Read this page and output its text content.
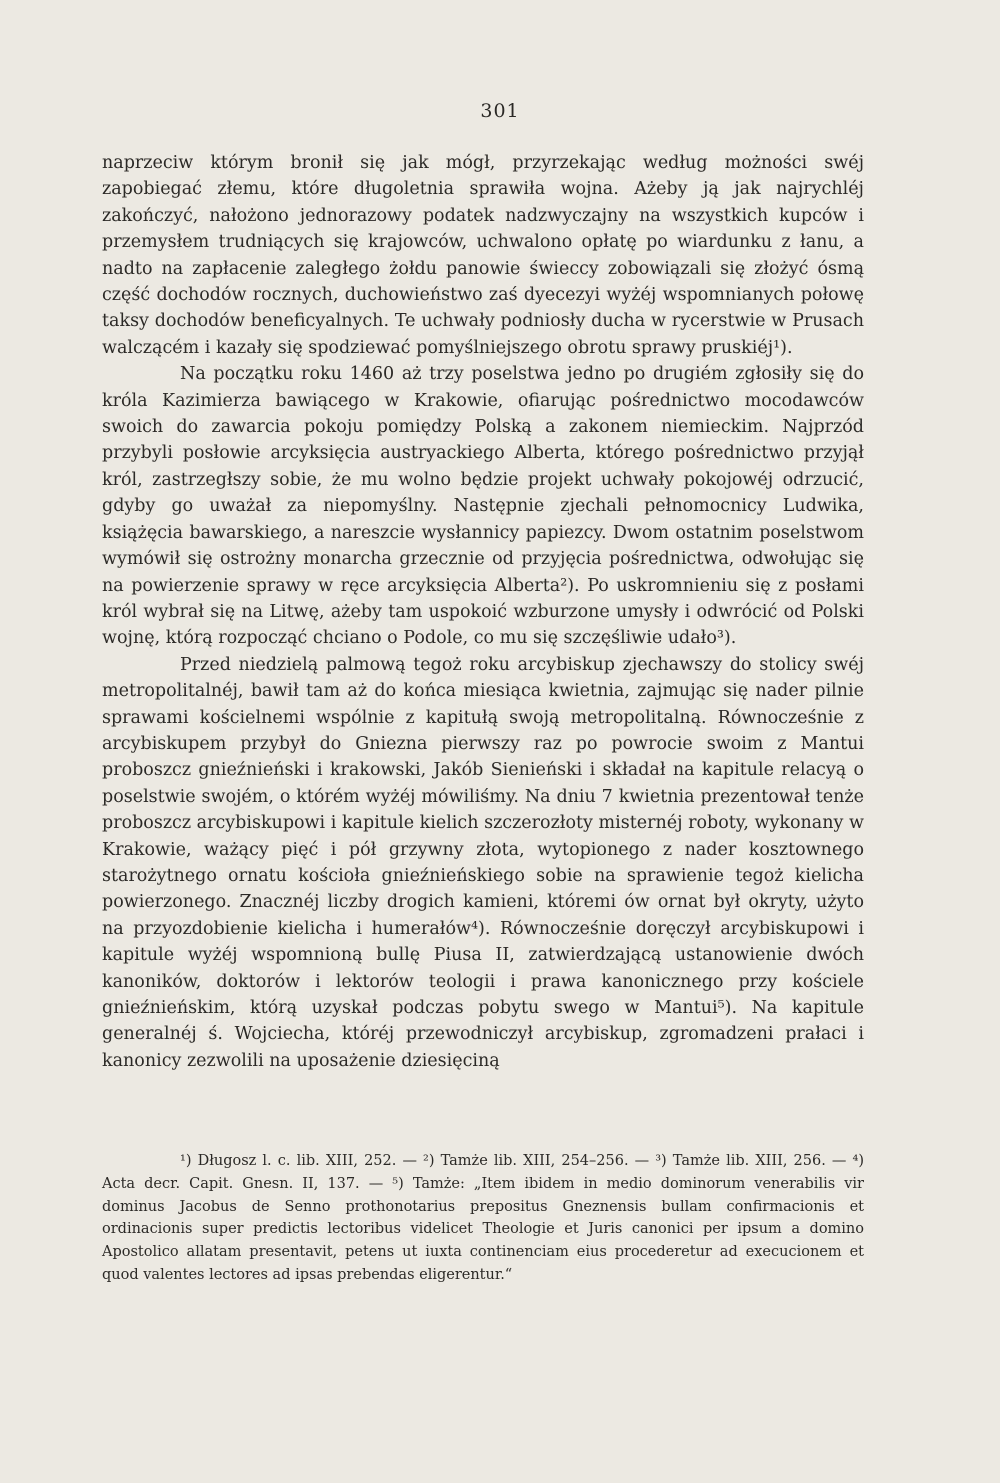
301

naprzeciw którym bronił się jak mógł, przyrzekając według możności swéj zapobiegać złemu, które długoletnia sprawiła wojna. Ażeby ją jak najrychléj zakończyć, nałożono jednorazowy podatek nadzwyczajny na wszystkich kupców i przemysłem trudniących się krajowców, uchwalono opłatę po wiardunku z łanu, a nadto na zapłacenie zaległego żołdu panowie świeccy zobowiązali się złożyć ósmą część dochodów rocznych, duchowieństwo zaś dyecezyi wyżéj wspomnianych połowę taksy dochodów beneficyalnych. Te uchwały podniosły ducha w rycerstwie w Prusach walczącém i kazały się spodziewać pomyślniejszego obrotu sprawy pruskiéj¹).

Na początku roku 1460 aż trzy poselstwa jedno po drugiém zgłosiły się do króla Kazimierza bawiącego w Krakowie, ofiarując pośrednictwo mocodawców swoich do zawarcia pokoju pomiędzy Polską a zakonem niemieckim. Najprzód przybyli posłowie arcyksięcia austryackiego Alberta, którego pośrednictwo przyjął król, zastrzegłszy sobie, że mu wolno będzie projekt uchwały pokojowéj odrzucić, gdyby go uważał za niepomyślny. Następnie zjechali pełnomocnicy Ludwika, książęcia bawarskiego, a nareszcie wysłannicy papiezcy. Dwom ostatnim poselstwom wymówił się ostrożny monarcha grzecznie od przyjęcia pośrednictwa, odwołując się na powierzenie sprawy w ręce arcyksięcia Alberta²). Po uskromnieniu się z posłami król wybrał się na Litwę, ażeby tam uspokoić wzburzone umysły i odwrócić od Polski wojnę, którą rozpocząć chciano o Podole, co mu się szczęśliwie udało³).

Przed niedzielą palmową tegoż roku arcybiskup zjechawszy do stolicy swéj metropolitalnéj, bawił tam aż do końca miesiąca kwietnia, zajmując się nader pilnie sprawami kościelnemi wspólnie z kapitułą swoją metropolitalną. Równocześnie z arcybiskupem przybył do Gniezna pierwszy raz po powrocie swoim z Mantui proboszcz gnieźnieński i krakowski, Jakób Sienieński i składał na kapitule relacyą o poselstwie swojém, o którém wyżéj mówiliśmy. Na dniu 7 kwietnia prezentował tenże proboszcz arcybiskupowi i kapitule kielich szczerozłoty misternéj roboty, wykonany w Krakowie, ważący pięć i pół grzywny złota, wytopionego z nader kosztownego starożytnego ornatu kościoła gnieźnieńskiego sobie na sprawienie tegoż kielicha powierzonego. Znacznéj liczby drogich kamieni, któremi ów ornat był okryty, użyto na przyozdobienie kielicha i humerałów⁴). Równocześnie doręczył arcybiskupowi i kapitule wyżéj wspomnioną bullę Piusa II, zatwierdzającą ustanowienie dwóch kanoników, doktorów i lektorów teologii i prawa kanonicznego przy kościele gnieźnieńskim, którą uzyskał podczas pobytu swego w Mantui⁵). Na kapitule generalnéj ś. Wojciecha, któréj przewodniczył arcybiskup, zgromadzeni prałaci i kanonicy zezwolili na uposażenie dziesięciną

¹) Długosz l. c. lib. XIII, 252. — ²) Tamże lib. XIII, 254–256. — ³) Tamże lib. XIII, 256. — ⁴) Acta decr. Capit. Gnesn. II, 137. — ⁵) Tamże: „Item ibidem in medio dominorum venerabilis vir dominus Jacobus de Senno prothonotarius prepositus Gneznensis bullam confirmacionis et ordinacionis super predictis lectoribus videlicet Theologie et Juris canonici per ipsum a domino Apostolico allatam presentavit, petens ut iuxta continenciam eius procederetur ad execucionem et quod valentes lectores ad ipsas prebendas eligerentur.“
